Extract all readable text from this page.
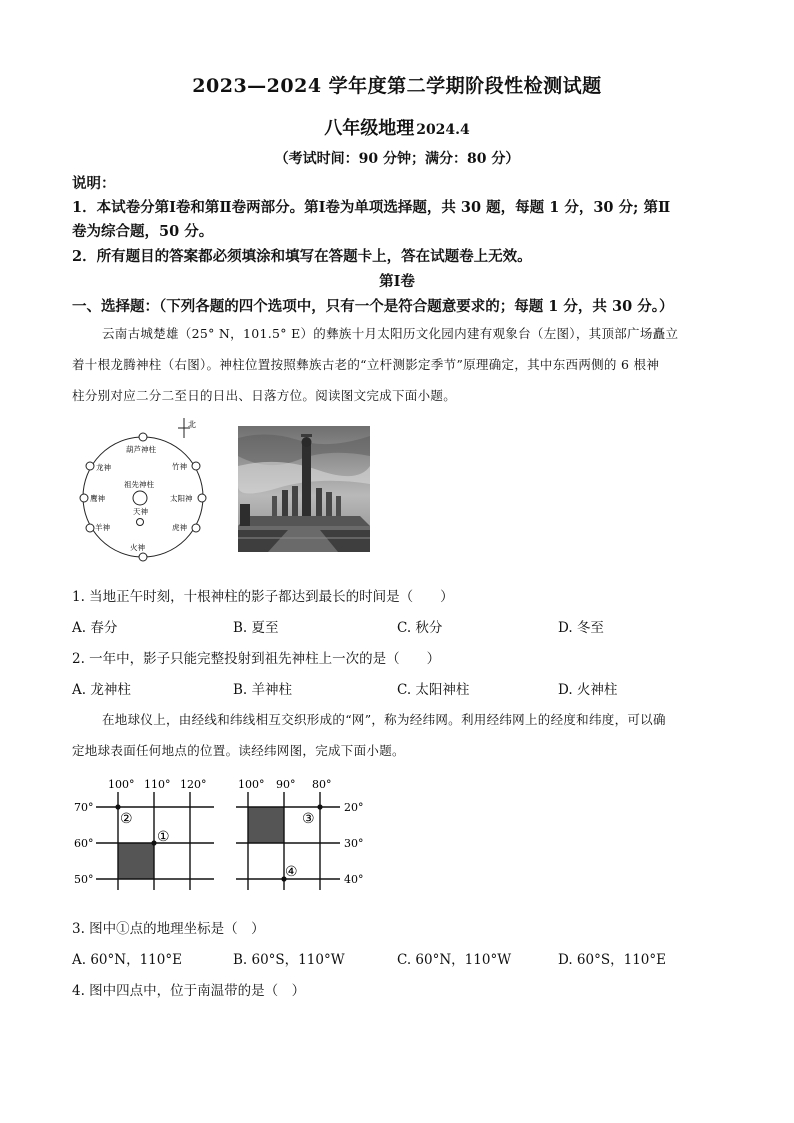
2023—2024 学年度第二学期阶段性检测试题
八年级地理 2024.4
（考试时间：90 分钟；满分：80 分）
说明：
1．本试卷分第Ⅰ卷和第Ⅱ卷两部分。第Ⅰ卷为单项选择题，共 30 题，每题 1 分，30 分; 第Ⅱ
卷为综合题，50 分。
2．所有题目的答案都必须填涂和填写在答题卡上，答在试题卷上无效。
第Ⅰ卷
一、选择题：（下列各题的四个选项中，只有一个是符合题意要求的；每题 1 分，共 30 分。）
云南古城楚雄（25° N，101.5° E）的彝族十月太阳历文化园内建有观象台（左图），其顶部广场矗立
着十根龙腾神柱（右图）。神柱位置按照彝族古老的“立杆测影定季节”原理确定，其中东西两侧的 6 根神
柱分别对应二分二至日的日出、日落方位。阅读图文完成下面小题。
北
葫芦神柱
竹神
龙神
鹰神
祖先神柱
天神
太阳神
羊神	虎神
火神
1. 当地正午时刻，十根神柱的影子都达到最长的时间是（　　）
A. 春分	B. 夏至	C. 秋分	D. 冬至
2. 一年中，影子只能完整投射到祖先神柱上一次的是（　　）
A. 龙神柱	B. 羊神柱	C. 太阳神柱	D. 火神柱
在地球仪上，由经线和纬线相互交织形成的“网”，称为经纬网。利用经纬网上的经度和纬度，可以确
定地球表面任何地点的位置。读经纬网图，完成下面小题。
100° 110° 120°
70°
60°
50°
②
①
100° 90° 80°
20°
30°
40°
③
④
3. 图中①点的地理坐标是（　）
A. 60°N，110°E	B. 60°S，110°W	C. 60°N，110°W	D. 60°S，110°E
4. 图中四点中，位于南温带的是（　）
